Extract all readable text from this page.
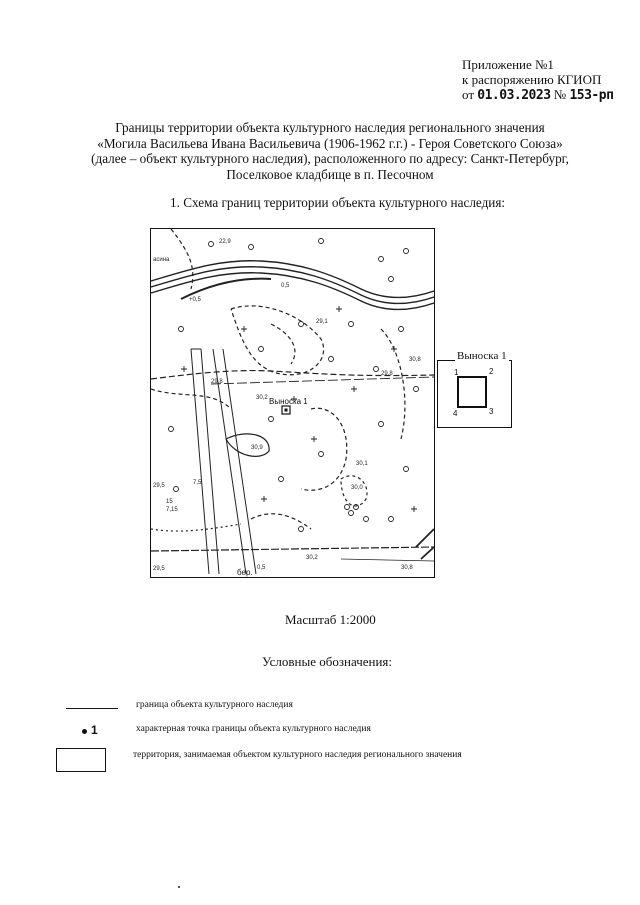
Приложение №1
к распоряжению КГИОП
от 01.03.2023 № 153-рп
Границы территории объекта культурного наследия регионального значения
«Могила Васильева Ивана Васильевича (1906-1962 г.г.) - Героя Советского Союза»
(далее – объект культурного наследия), расположенного по адресу: Санкт-Петербург,
Поселковое кладбище в п. Песочном
1. Схема границ территории объекта культурного наследия:
22,9
асина
0,5
+0,5
29,8
29,8
29,1
30,0
30,2
30,8
29,5
29,5
30,2
30,8
30,1
7,5
15
7,15
бер. 0,5
30,9
Выноска 1
1	2
3
4
Выноска 1
Масштаб 1:2000
Условные обозначения:
граница объекта культурного наследия
1	характерная точка границы объекта культурного наследия
территория, занимаемая объектом культурного наследия регионального значения
